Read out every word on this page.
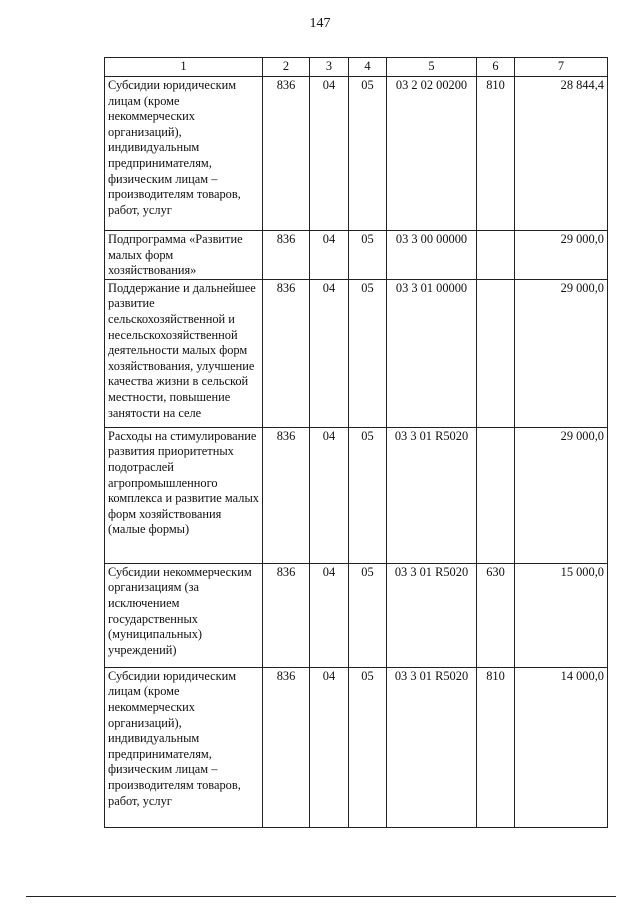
147
1	2	3	4	5	6	7
Субсидии юридическим лицам (кроме некоммерческих организаций), индивидуальным предпринимателям, физическим лицам – производителям товаров, работ, услуг	836	04	05	03 2 02 00200	810	28 844,4
Подпрограмма «Развитие малых форм хозяйствования»	836	04	05	03 3 00 00000		29 000,0
Поддержание и дальнейшее развитие сельскохозяйственной и несельскохозяйственной деятельности малых форм хозяйствования, улучшение качества жизни в сельской местности, повышение занятости на селе	836	04	05	03 3 01 00000		29 000,0
Расходы на стимулирование развития приоритетных подотраслей агропромышленного комплекса и развитие малых форм хозяйствования (малые формы)	836	04	05	03 3 01 R5020		29 000,0
Субсидии некоммерческим организациям (за исключением государственных (муниципальных) учреждений)	836	04	05	03 3 01 R5020	630	15 000,0
Субсидии юридическим лицам (кроме некоммерческих организаций), индивидуальным предпринимателям, физическим лицам – производителям товаров, работ, услуг	836	04	05	03 3 01 R5020	810	14 000,0
